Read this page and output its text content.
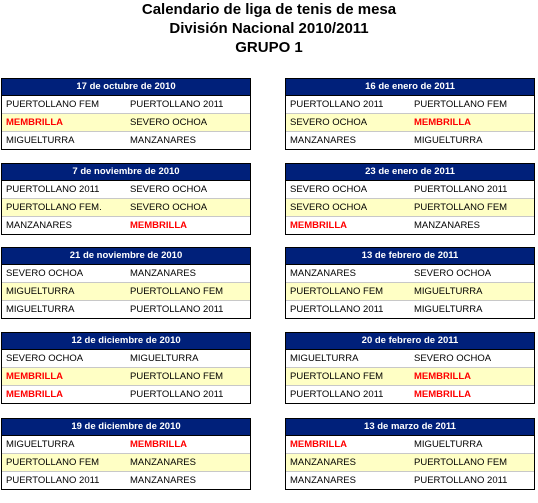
Calendario de liga de tenis de mesa
División Nacional 2010/2011
GRUPO 1
17 de octubre de 2010
PUERTOLLANO FEM	PUERTOLLANO 2011
MEMBRILLA	SEVERO OCHOA
MIGUELTURRA	MANZANARES
7 de noviembre de 2010
PUERTOLLANO 2011	SEVERO OCHOA
PUERTOLLANO FEM.	SEVERO OCHOA
MANZANARES	MEMBRILLA
21 de noviembre de 2010
SEVERO OCHOA	MANZANARES
MIGUELTURRA	PUERTOLLANO FEM
MIGUELTURRA	PUERTOLLANO 2011
12 de diciembre de 2010
SEVERO OCHOA	MIGUELTURRA
MEMBRILLA	PUERTOLLANO FEM
MEMBRILLA	PUERTOLLANO 2011
19 de diciembre de 2010
MIGUELTURRA	MEMBRILLA
PUERTOLLANO FEM	MANZANARES
PUERTOLLANO 2011	MANZANARES
16 de enero de 2011
PUERTOLLANO 2011	PUERTOLLANO FEM
SEVERO OCHOA	MEMBRILLA
MANZANARES	MIGUELTURRA
23 de enero de 2011
SEVERO OCHOA	PUERTOLLANO 2011
SEVERO OCHOA	PUERTOLLANO FEM
MEMBRILLA	MANZANARES
13 de febrero de 2011
MANZANARES	SEVERO OCHOA
PUERTOLLANO FEM	MIGUELTURRA
PUERTOLLANO 2011	MIGUELTURRA
20 de febrero de 2011
MIGUELTURRA	SEVERO OCHOA
PUERTOLLANO FEM	MEMBRILLA
PUERTOLLANO 2011	MEMBRILLA
13 de marzo de 2011
MEMBRILLA	MIGUELTURRA
MANZANARES	PUERTOLLANO FEM
MANZANARES	PUERTOLLANO 2011
